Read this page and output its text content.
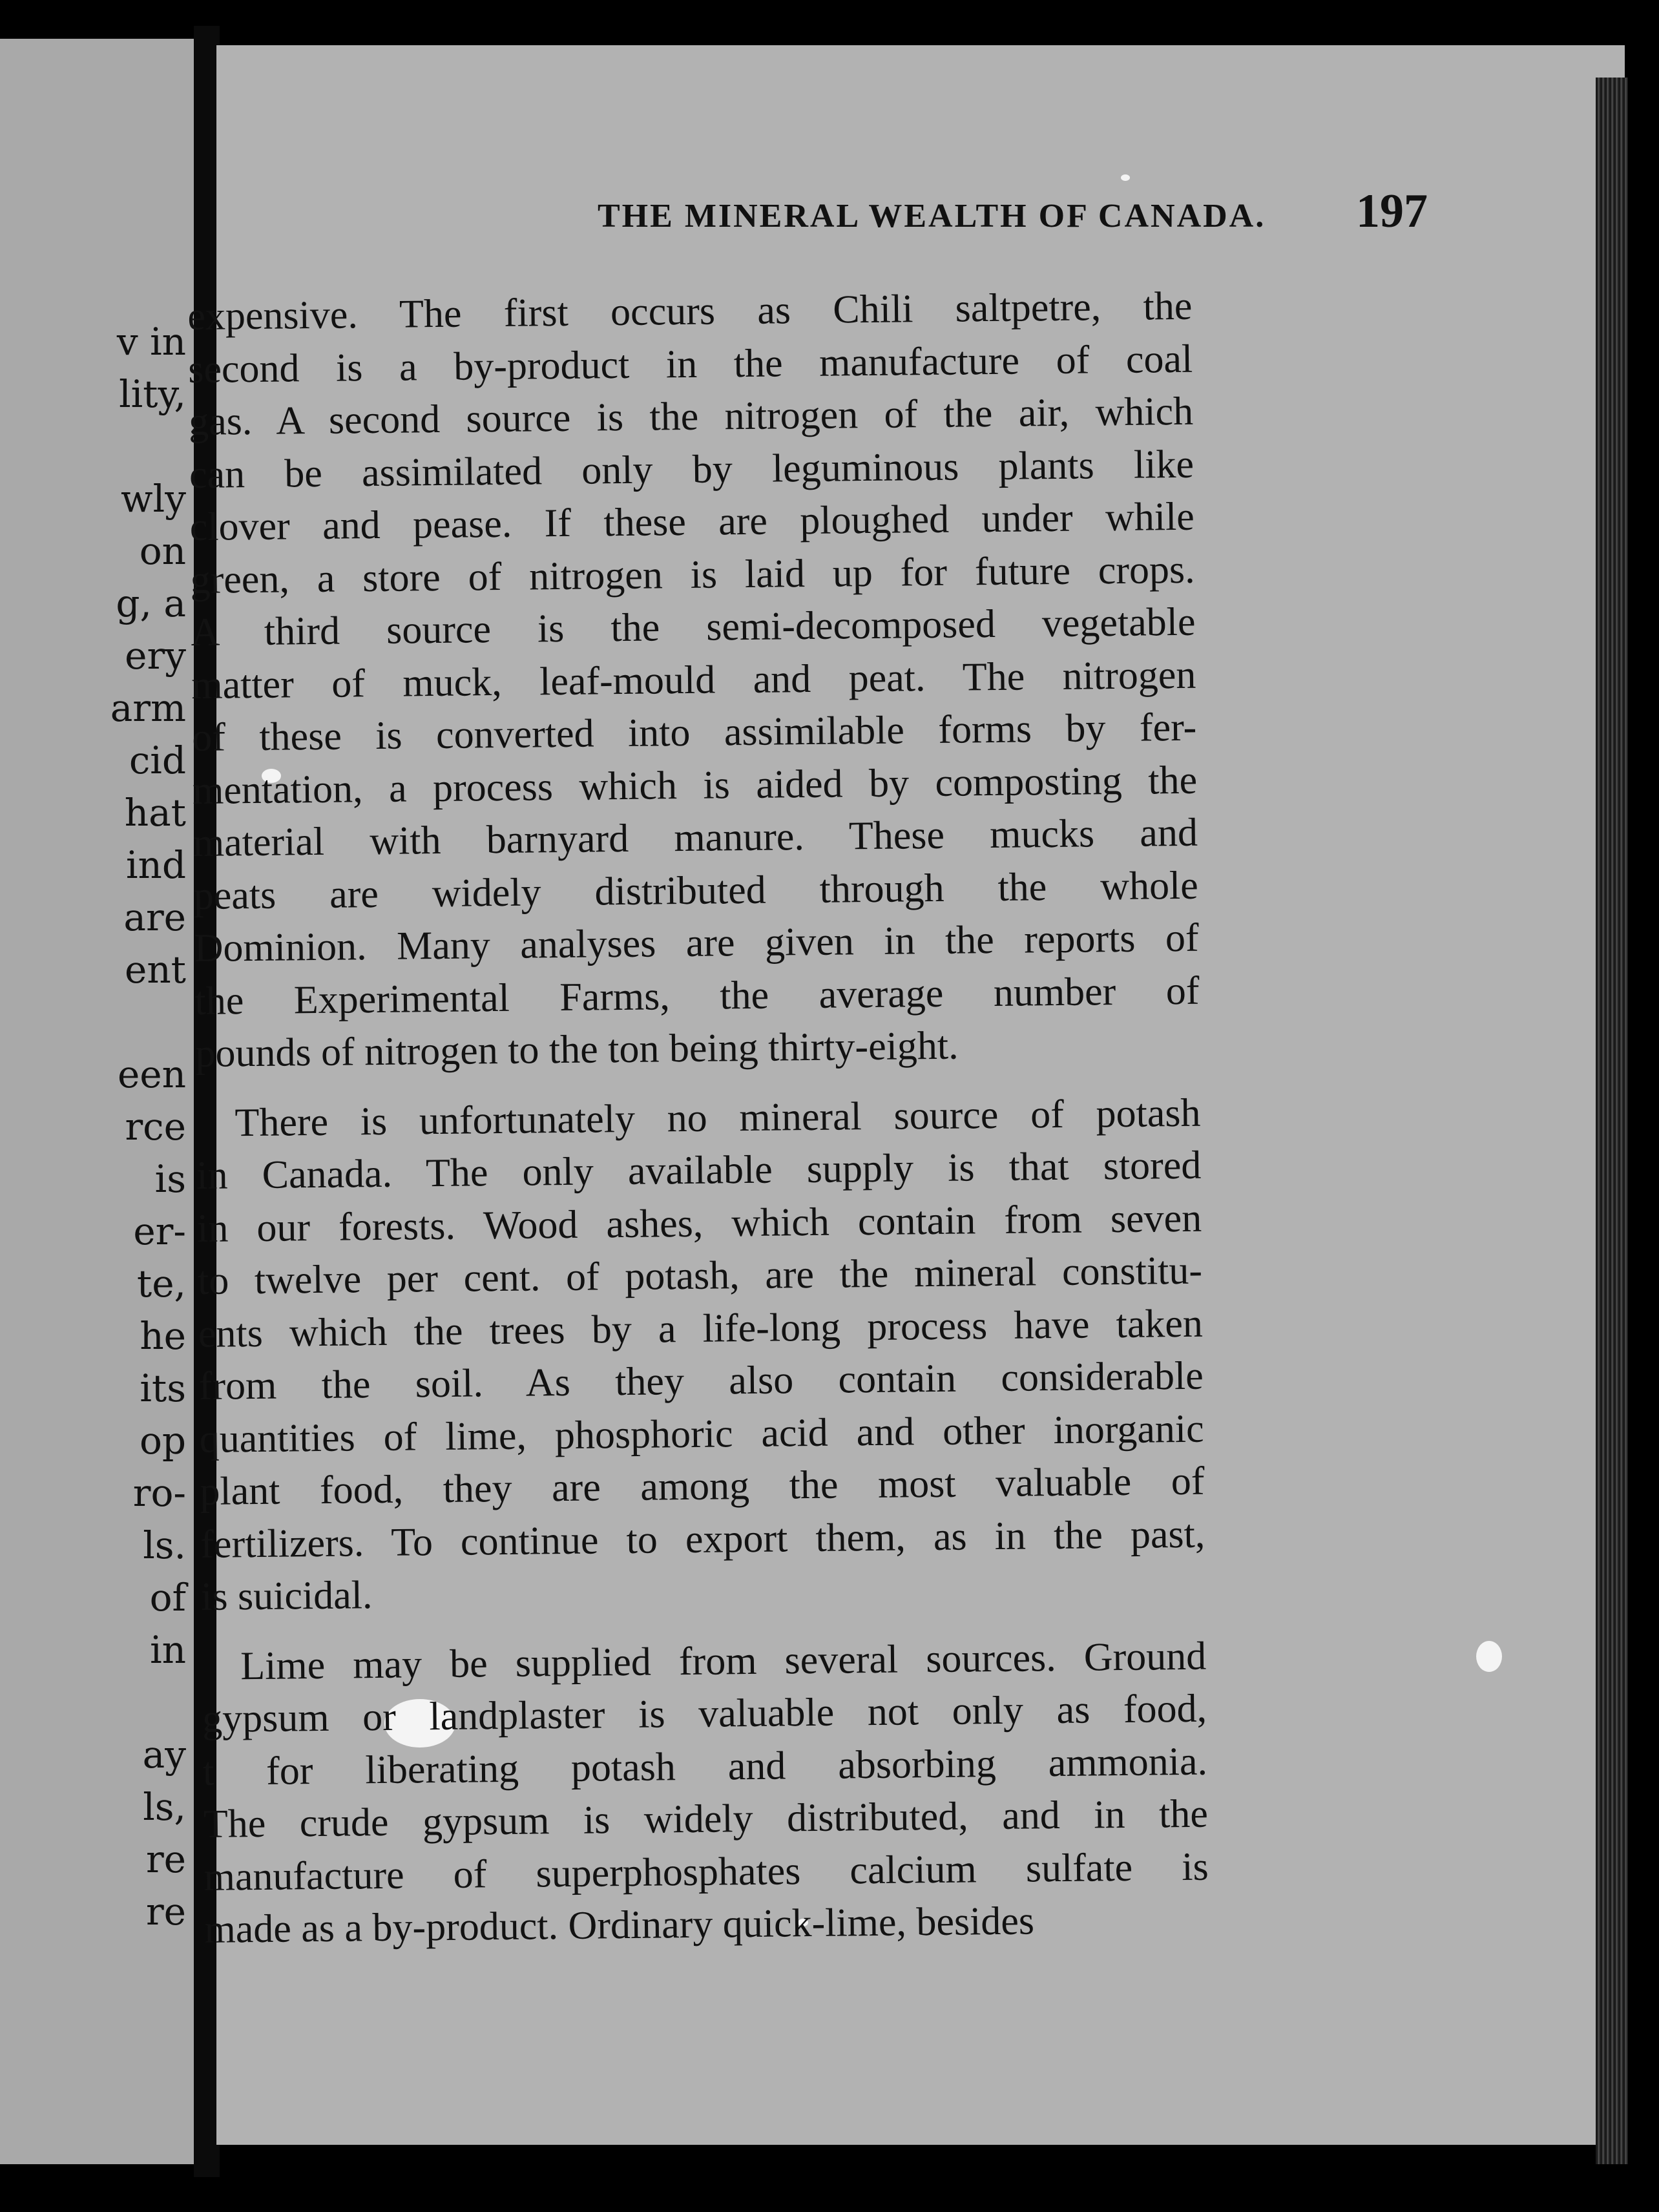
v in
lity,
wly
on
g, a
ery
arm
cid
hat
ind
are
ent
een
rce
is
er-
te,
he
its
op
ro-
ls.
of
in
ay
ls,
re
re
THE MINERAL WEALTH OF CANADA. 197
expensive. The first occurs as Chili saltpetre, the
second is a by-product in the manufacture of coal
gas. A second source is the nitrogen of the air, which
can be assimilated only by leguminous plants like
clover and pease. If these are ploughed under while
green, a store of nitrogen is laid up for future crops.
A third source is the semi-decomposed vegetable
matter of muck, leaf-mould and peat. The nitrogen
of these is converted into assimilable forms by fer-
mentation, a process which is aided by composting the
material with barnyard manure. These mucks and
peats are widely distributed through the whole
Dominion. Many analyses are given in the reports of
the Experimental Farms, the average number of
pounds of nitrogen to the ton being thirty-eight.
There is unfortunately no mineral source of potash
in Canada. The only available supply is that stored
in our forests. Wood ashes, which contain from seven
to twelve per cent. of potash, are the mineral constitu-
ents which the trees by a life-long process have taken
from the soil. As they also contain considerable
quantities of lime, phosphoric acid and other inorganic
plant food, they are among the most valuable of
fertilizers. To continue to export them, as in the past,
is suicidal.
Lime may be supplied from several sources. Ground
gypsum or landplaster is valuable not only as food,
t for liberating potash and absorbing ammonia.
The crude gypsum is widely distributed, and in the
manufacture of superphosphates calcium sulfate is
made as a by-product. Ordinary quick-lime, besides
